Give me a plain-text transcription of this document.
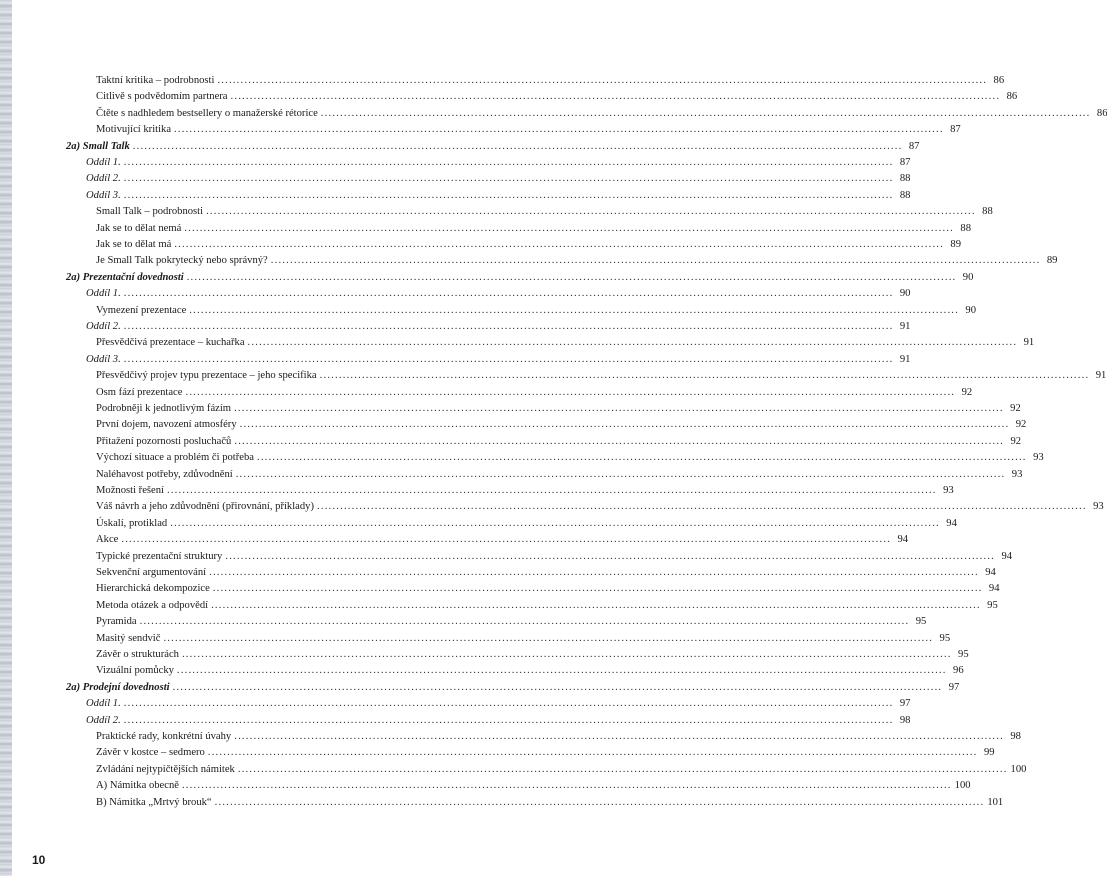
Taktní kritika – podrobnosti ........................................................................................................................................................................................................ 86
Citlivě s podvědomím partnera ........................................................................................................................................................................................................ 86
Čtěte s nadhledem bestsellery o manažerské rétorice ........................................................................................................................................................................................................ 86
Motivující kritika ........................................................................................................................................................................................................ 87
2a) Small Talk ........................................................................................................................................................................................................ 87
Oddíl 1. ........................................................................................................................................................................................................ 87
Oddíl 2. ........................................................................................................................................................................................................ 88
Oddíl 3. ........................................................................................................................................................................................................ 88
Small Talk – podrobnosti ........................................................................................................................................................................................................ 88
Jak se to dělat nemá ........................................................................................................................................................................................................ 88
Jak se to dělat má ........................................................................................................................................................................................................ 89
Je Small Talk pokrytecký nebo správný? ........................................................................................................................................................................................................ 89
2a) Prezentační dovednosti ........................................................................................................................................................................................................ 90
Oddíl 1. ........................................................................................................................................................................................................ 90
Vymezení prezentace ........................................................................................................................................................................................................ 90
Oddíl 2. ........................................................................................................................................................................................................ 91
Přesvědčivá prezentace – kuchařka ........................................................................................................................................................................................................ 91
Oddíl 3. ........................................................................................................................................................................................................ 91
Přesvědčivý projev typu prezentace – jeho specifika ........................................................................................................................................................................................................ 91
Osm fází prezentace ........................................................................................................................................................................................................ 92
Podrobněji k jednotlivým fázím ........................................................................................................................................................................................................ 92
První dojem, navození atmosféry ........................................................................................................................................................................................................ 92
Přitažení pozornosti posluchačů ........................................................................................................................................................................................................ 92
Výchozí situace a problém či potřeba ........................................................................................................................................................................................................ 93
Naléhavost potřeby, zdůvodnění ........................................................................................................................................................................................................ 93
Možnosti řešení ........................................................................................................................................................................................................ 93
Váš návrh a jeho zdůvodnění (přirovnání, příklady) ........................................................................................................................................................................................................ 93
Úskalí, protiklad ........................................................................................................................................................................................................ 94
Akce ........................................................................................................................................................................................................ 94
Typické prezentační struktury ........................................................................................................................................................................................................ 94
Sekvenční argumentování ........................................................................................................................................................................................................ 94
Hierarchická dekompozice ........................................................................................................................................................................................................ 94
Metoda otázek a odpovědí ........................................................................................................................................................................................................ 95
Pyramida ........................................................................................................................................................................................................ 95
Masitý sendvič ........................................................................................................................................................................................................ 95
Závěr o strukturách ........................................................................................................................................................................................................ 95
Vizuální pomůcky ........................................................................................................................................................................................................ 96
2a) Prodejní dovednosti ........................................................................................................................................................................................................ 97
Oddíl 1. ........................................................................................................................................................................................................ 97
Oddíl 2. ........................................................................................................................................................................................................ 98
Praktické rady, konkrétní úvahy ........................................................................................................................................................................................................ 98
Závěr v kostce – sedmero ........................................................................................................................................................................................................ 99
Zvládání nejtypičtějších námitek ........................................................................................................................................................................................................ 100
A) Námitka obecně ........................................................................................................................................................................................................ 100
B) Námitka „Mrtvý brouk“ ........................................................................................................................................................................................................ 101
10
